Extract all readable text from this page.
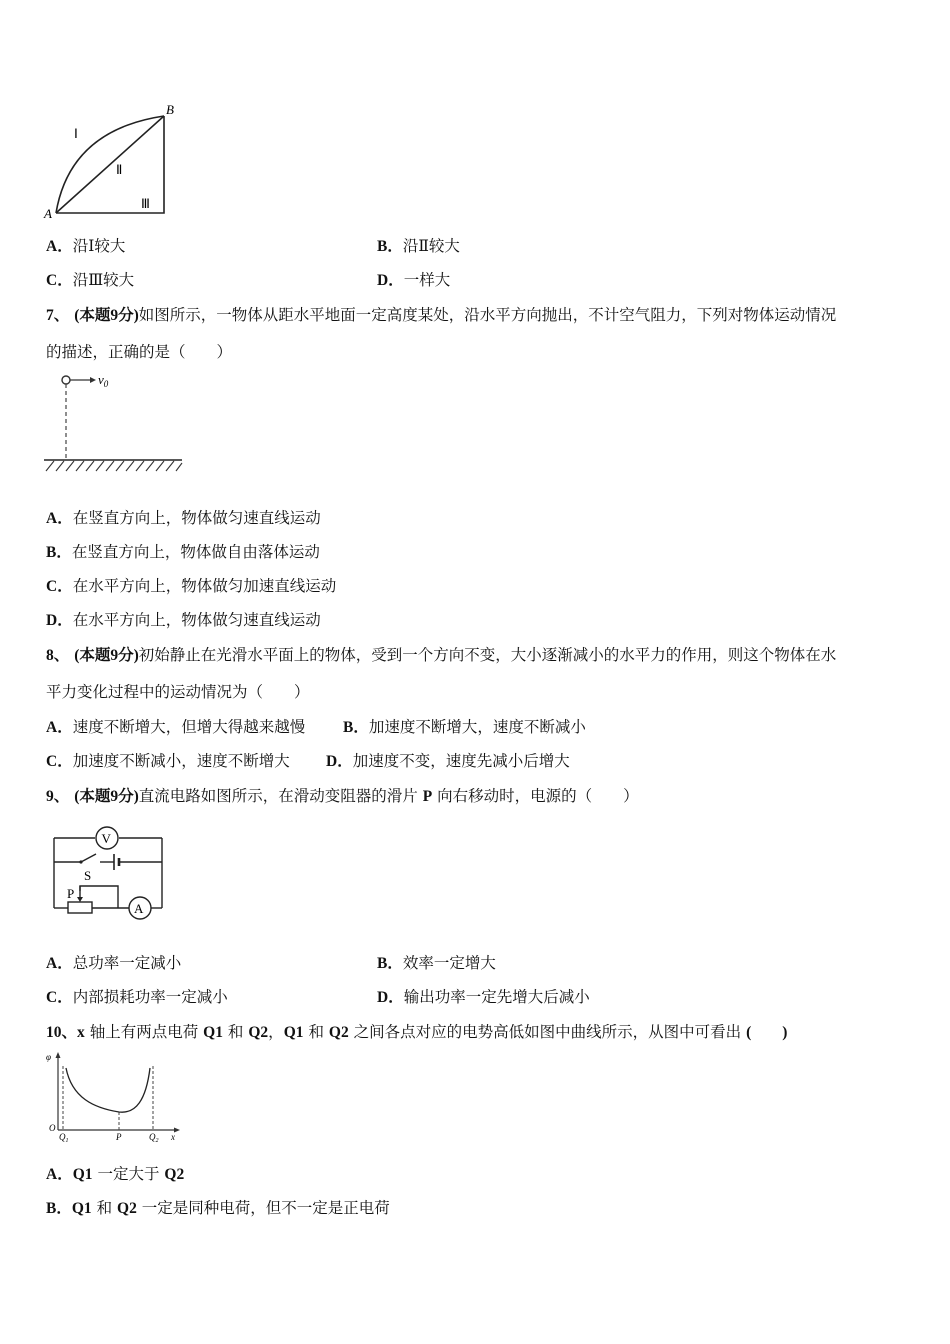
A
B
Ⅰ
Ⅱ
Ⅲ
A．沿Ⅰ较大	B．沿Ⅱ较大
C．沿Ⅲ较大	D．一样大
7、 (本题9分)如图所示，一物体从距水平地面一定高度某处，沿水平方向抛出，不计空气阻力，下列对物体运动情况
的描述，正确的是（　　）
$v_0$
A．在竖直方向上，物体做匀速直线运动
B．在竖直方向上，物体做自由落体运动
C．在水平方向上，物体做匀加速直线运动
D．在水平方向上，物体做匀速直线运动
8、 (本题9分)初始静止在光滑水平面上的物体，受到一个方向不变，大小逐渐减小的水平力的作用，则这个物体在水
平力变化过程中的运动情况为（　　）
A．速度不断增大，但增大得越来越慢 B．加速度不断增大，速度不断减小
C．加速度不断减小，速度不断增大 D．加速度不变，速度先减小后增大
9、 (本题9分)直流电路如图所示，在滑动变阻器的滑片 P 向右移动时，电源的（　　）
V
S
A
P
A．总功率一定减小	B．效率一定增大
C．内部损耗功率一定减小	D．输出功率一定先增大后减小
10、x 轴上有两点电荷 Q1 和 Q2，Q1 和 Q2 之间各点对应的电势高低如图中曲线所示，从图中可看出 (　　)
φ
O
$Q_1$	P	$Q_2$ x
A．Q1 一定大于 Q2
B．Q1 和 Q2 一定是同种电荷，但不一定是正电荷
